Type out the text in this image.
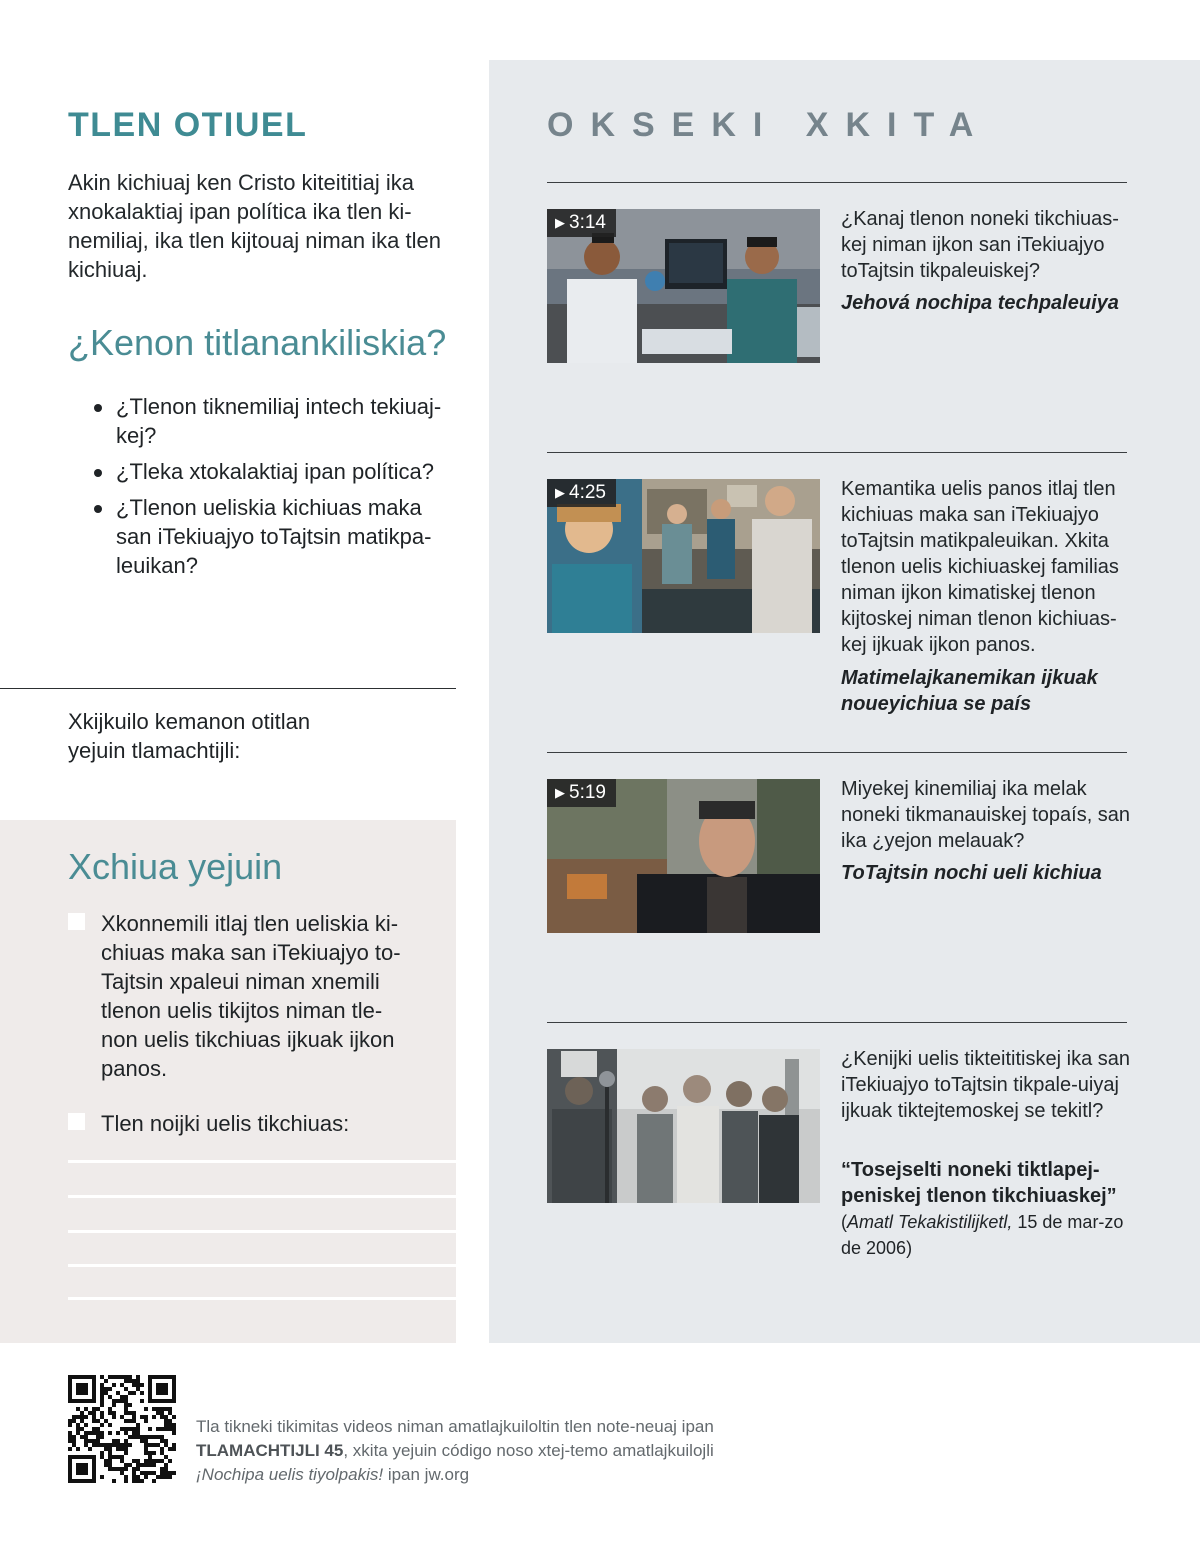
TLEN OTIUEL

Akin kichiuaj ken Cristo kiteititiaj ika xnokalaktiaj ipan política ika tlen ki-nemiliaj, ika tlen kijtouaj niman ika tlen kichiuaj.

¿Kenon titlanankiliskia?
¿Tlenon tiknemiliaj intech tekiuaj-kej?
¿Tleka xtokalaktiaj ipan política?
¿Tlenon ueliskia kichiuas maka san iTekiuajyo toTajtsin matikpa-leuikan?

Xkijkuilo kemanon otitlan yejuin tlamachtijli:

Xchiua yejuin
Xkonnemili itlaj tlen ueliskia ki-chiuas maka san iTekiuajyo to-Tajtsin xpaleui niman xnemili tlenon uelis tikijtos niman tle-non uelis tikchiuas ijkuak ijkon panos.
Tlen noijki uelis tikchiuas:
OKSEKI XKITA
▶ 3:14	¿Kanaj tlenon noneki tikchiuas-kej niman ijkon san iTekiuajyo toTajtsin tikpaleuiskej?

Jehová nochipa techpaleuiya

▶ 4:25	Kemantika uelis panos itlaj tlen kichiuas maka san iTekiuajyo toTajtsin matikpaleuikan. Xkita tlenon uelis kichiuaskej familias niman ijkon kimatiskej tlenon kijtoskej niman tlenon kichiuas-kej ijkuak ijkon panos.

Matimelajkanemikan ijkuak noueyichiua se país

▶ 5:19	Miyekej kinemiliaj ika melak noneki tikmanauiskej topaís, san ika ¿yejon melauak?

ToTajtsin nochi ueli kichiua

¿Kenijki uelis tikteititiskej ika san iTekiuajyo toTajtsin tikpale-uiyaj ijkuak tiktejtemoskej se tekitl?

“Tosejselti noneki tiktlapej-peniskej tlenon tikchiuaskej”

(Amatl Tekakistilijketl, 15 de mar-zo de 2006)

Tla tikneki tikimitas videos niman amatlajkuiloltin tlen note-neuaj ipan TLAMACHTIJLI 45, xkita yejuin código noso xtej-temo amatlajkuilojli ¡Nochipa uelis tiyolpakis! ipan jw.org
